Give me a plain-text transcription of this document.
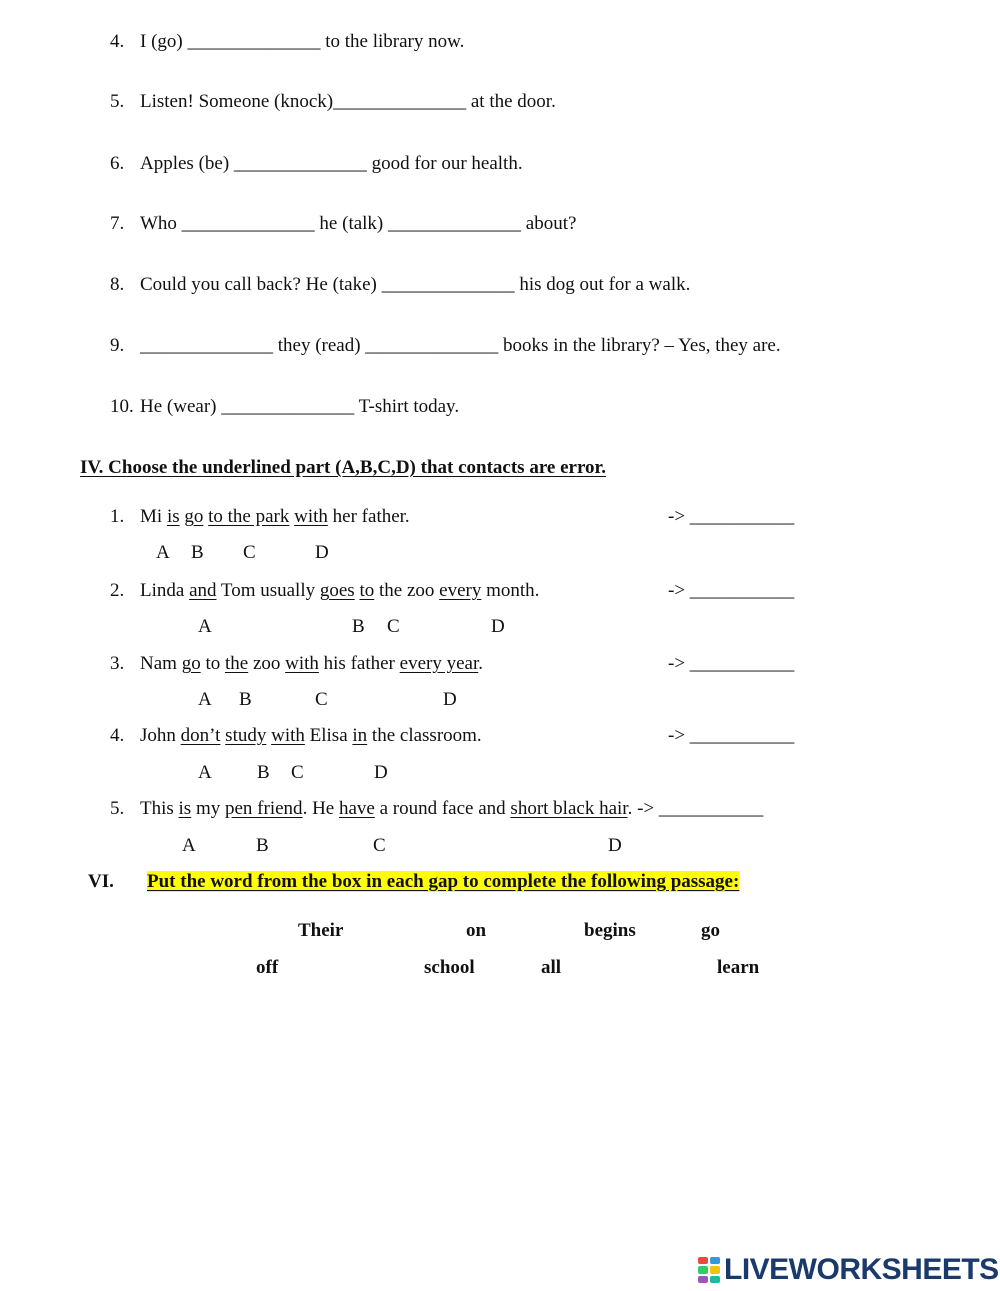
4. I (go) ______________ to the library now.
5. Listen! Someone (knock)______________ at the door.
6. Apples (be) ______________ good for our health.
7. Who ______________ he (talk) ______________ about?
8. Could you call back? He (take) ______________ his dog out for a walk.
9. ______________ they (read) ______________ books in the library? – Yes, they are.
10. He (wear) ______________ T-shirt today.
IV. Choose the underlined part (A,B,C,D) that contacts are error.
1. Mi is go to the park with her father.	-> ___________
A B C	D
2. Linda and Tom usually goes to the zoo every month.	-> ___________
A	B C	D
3. Nam go to the zoo with his father every year.	-> ___________
A B	C	D
4. John don’t study with Elisa in the classroom.	-> ___________
A B C	D
5. This is my pen friend. He have a round face and short black hair. -> ___________
A	B	C	D
VI. Put the word from the box in each gap to complete the following passage:
Their	on	begins	go
off	school	all	learn
LIVEWORKSHEETS
